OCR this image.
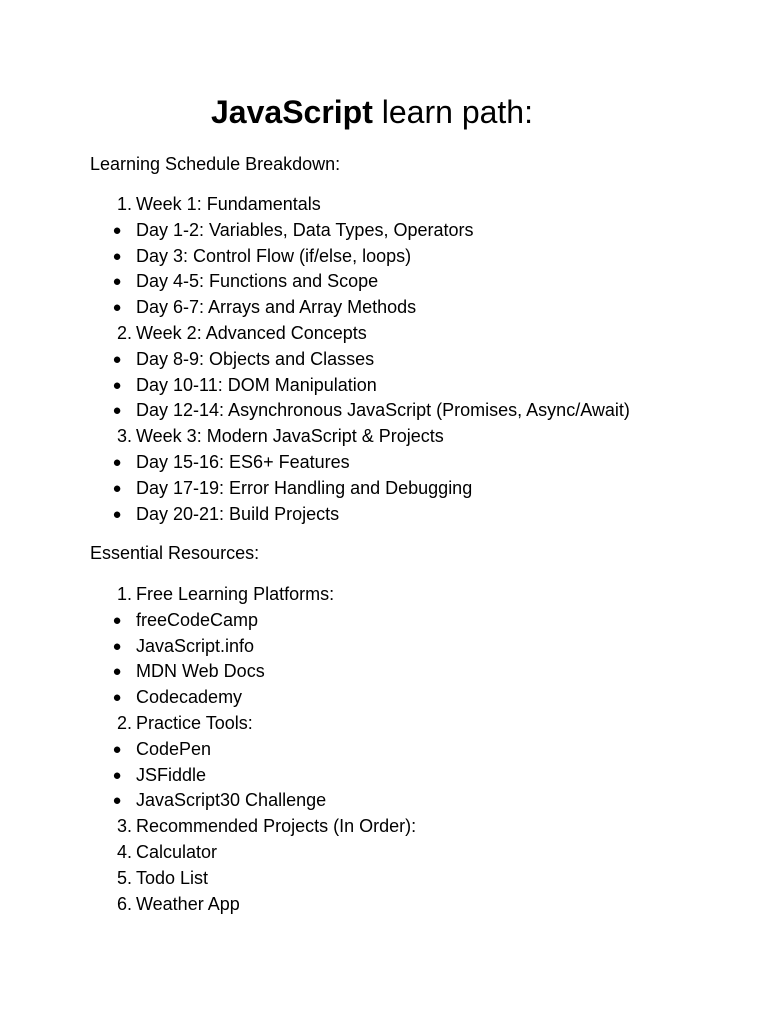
JavaScript learn path:
Learning Schedule Breakdown:
1. Week 1: Fundamentals
● Day 1-2: Variables, Data Types, Operators
● Day 3: Control Flow (if/else, loops)
● Day 4-5: Functions and Scope
● Day 6-7: Arrays and Array Methods
2. Week 2: Advanced Concepts
● Day 8-9: Objects and Classes
● Day 10-11: DOM Manipulation
● Day 12-14: Asynchronous JavaScript (Promises, Async/Await)
3. Week 3: Modern JavaScript & Projects
● Day 15-16: ES6+ Features
● Day 17-19: Error Handling and Debugging
● Day 20-21: Build Projects
Essential Resources:
1. Free Learning Platforms:
● freeCodeCamp
● JavaScript.info
● MDN Web Docs
● Codecademy
2. Practice Tools:
● CodePen
● JSFiddle
● JavaScript30 Challenge
3. Recommended Projects (In Order):
4. Calculator
5. Todo List
6. Weather App
